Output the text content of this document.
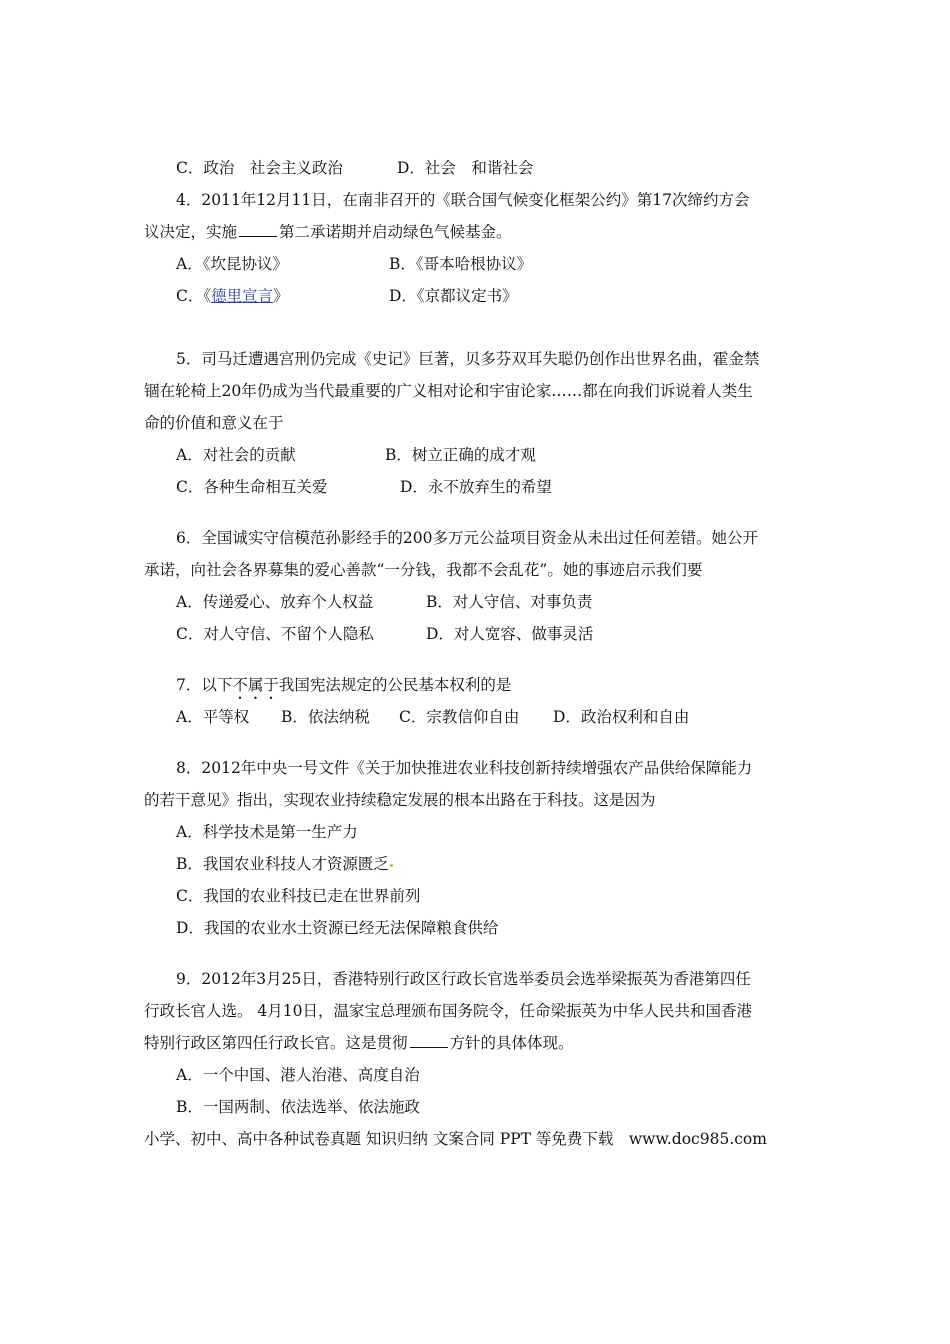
C．政治　社会主义政治	D．社会　和谐社会
4．2011年12月11日，在南非召开的《联合国气候变化框架公约》第17次缔约方会
议决定，实施	第二承诺期并启动绿色气候基金。
A．《坎昆协议》	B．《哥本哈根协议》
C．《德里宣言》	D．《京都议定书》
5．司马迁遭遇宫刑仍完成《史记》巨著，贝多芬双耳失聪仍创作出世界名曲，霍金禁
锢在轮椅上20年仍成为当代最重要的广义相对论和宇宙论家……都在向我们诉说着人类生
命的价值和意义在于
A．对社会的贡献	B．树立正确的成才观
C．各种生命相互关爱	D．永不放弃生的希望
6．全国诚实守信模范孙影经手的200多万元公益项目资金从未出过任何差错。她公开
承诺，向社会各界募集的爱心善款“一分钱，我都不会乱花”。她的事迹启示我们要
A．传递爱心、放弃个人权益	B．对人守信、对事负责
C．对人守信、不留个人隐私	D．对人宽容、做事灵活
7．以下不属于我国宪法规定的公民基本权利的是
A．平等权 B．依法纳税 C．宗教信仰自由 D．政治权利和自由
8．2012年中央一号文件《关于加快推进农业科技创新持续增强农产品供给保障能力
的若干意见》指出，实现农业持续稳定发展的根本出路在于科技。这是因为
A．科学技术是第一生产力
B．我国农业科技人才资源匮乏
C．我国的农业科技已走在世界前列
D．我国的农业水土资源已经无法保障粮食供给
9．2012年3月25日，香港特别行政区行政长官选举委员会选举梁振英为香港第四任
行政长官人选。 4月10日，温家宝总理颁布国务院令，任命梁振英为中华人民共和国香港
特别行政区第四任行政长官。这是贯彻	方针的具体体现。
A．一个中国、港人治港、高度自治
B．一国两制、依法选举、依法施政
小学、初中、高中各种试卷真题 知识归纳 文案合同 PPT 等免费下载　www.doc985.com
